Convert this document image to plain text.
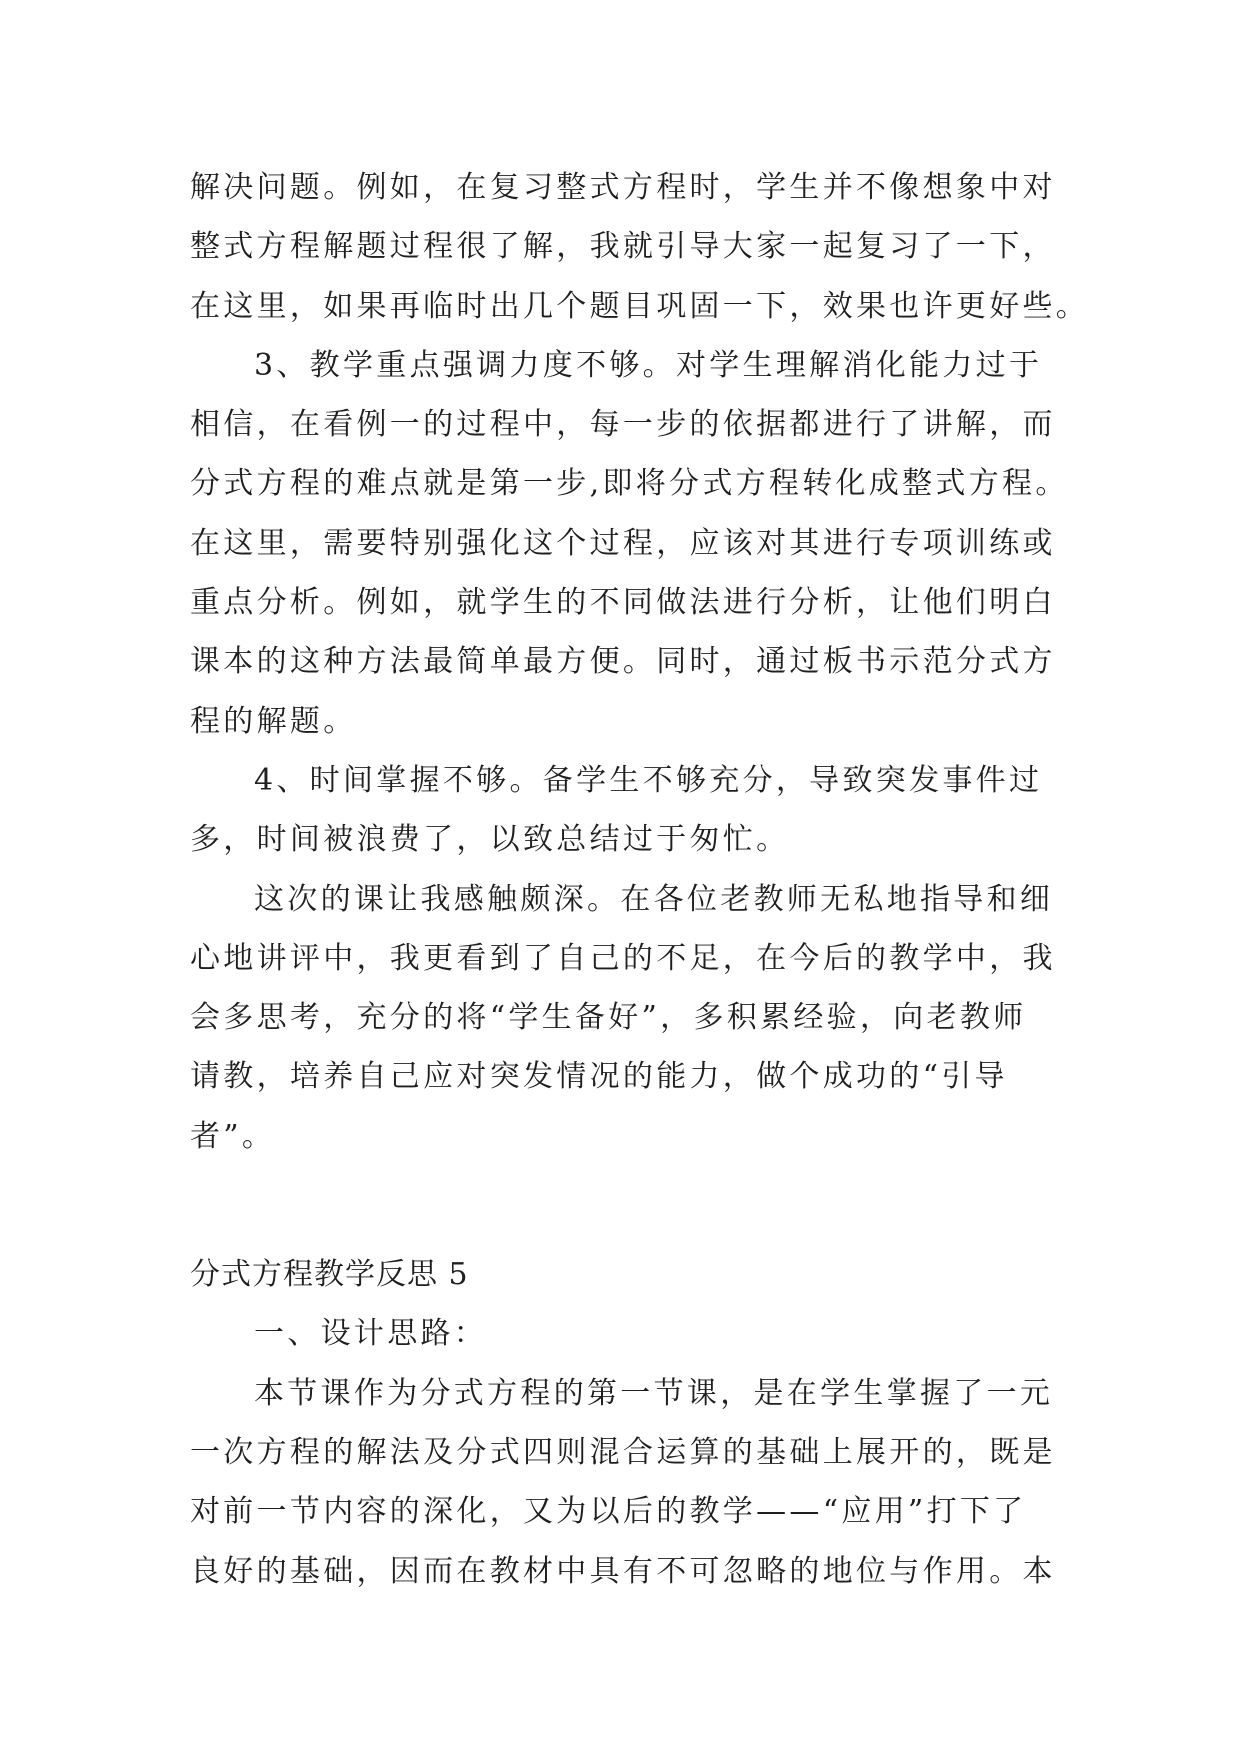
解决问题。例如，在复习整式方程时，学生并不像想象中对
整式方程解题过程很了解，我就引导大家一起复习了一下，
在这里，如果再临时出几个题目巩固一下，效果也许更好些。
3、教学重点强调力度不够。对学生理解消化能力过于
相信，在看例一的过程中，每一步的依据都进行了讲解，而
分式方程的难点就是第一步,即将分式方程转化成整式方程。
在这里，需要特别强化这个过程，应该对其进行专项训练或
重点分析。例如，就学生的不同做法进行分析，让他们明白
课本的这种方法最简单最方便。同时，通过板书示范分式方
程的解题。
4、时间掌握不够。备学生不够充分，导致突发事件过
多，时间被浪费了，以致总结过于匆忙。
这次的课让我感触颇深。在各位老教师无私地指导和细
心地讲评中，我更看到了自己的不足，在今后的教学中，我
会多思考，充分的将“学生备好”，多积累经验，向老教师
请教，培养自己应对突发情况的能力，做个成功的“引导
者”。
分式方程教学反思 5
一、设计思路：
本节课作为分式方程的第一节课，是在学生掌握了一元
一次方程的解法及分式四则混合运算的基础上展开的，既是
对前一节内容的深化，又为以后的教学——“应用”打下了
良好的基础，因而在教材中具有不可忽略的地位与作用。本
